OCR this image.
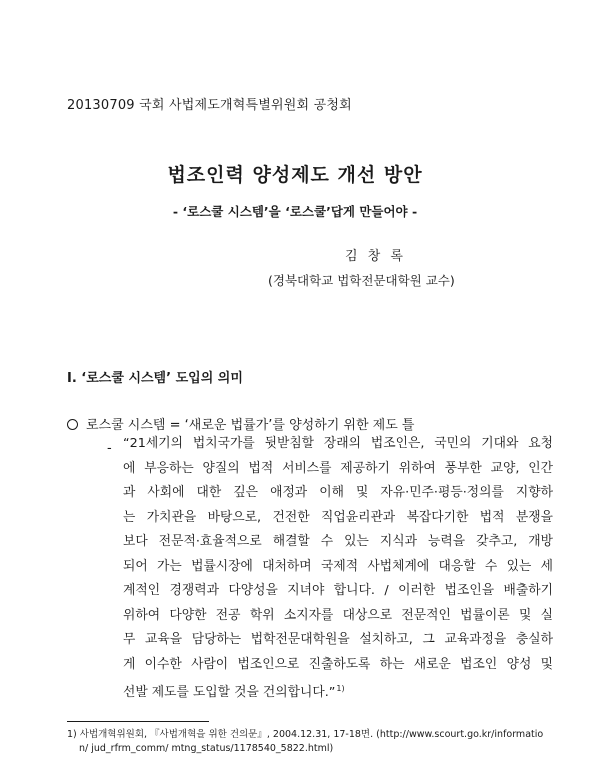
20130709 국회 사법제도개혁특별위원회 공청회
법조인력 양성제도 개선 방안
- ‘로스쿨 시스템’을 ‘로스쿨’답게 만들어야 -
김 창 록
(경북대학교 법학전문대학원 교수)
I. ‘로스쿨 시스템’ 도입의 의미
로스쿨 시스템 = ‘새로운 법률가’를 양성하기 위한 제도 틀
- “21세기의 법치국가를 뒷받침할 장래의 법조인은, 국민의 기대와 요청
에 부응하는 양질의 법적 서비스를 제공하기 위하여 풍부한 교양, 인간
과 사회에 대한 깊은 애정과 이해 및 자유·민주·평등·정의를 지향하
는 가치관을 바탕으로, 건전한 직업윤리관과 복잡다기한 법적 분쟁을
보다 전문적·효율적으로 해결할 수 있는 지식과 능력을 갖추고, 개방
되어 가는 법률시장에 대처하며 국제적 사법체계에 대응할 수 있는 세
계적인 경쟁력과 다양성을 지녀야 합니다. / 이러한 법조인을 배출하기
위하여 다양한 전공 학위 소지자를 대상으로 전문적인 법률이론 및 실
무 교육을 담당하는 법학전문대학원을 설치하고, 그 교육과정을 충실하
게 이수한 사람이 법조인으로 진출하도록 하는 새로운 법조인 양성 및
선발 제도를 도입할 것을 건의합니다.”$^{1)}$
1) 사법개혁위원회, 『사법개혁을 위한 건의문』, 2004.12.31, 17-18면. (http://www.scourt.go.kr/informatio
n/ jud_rfrm_comm/ mtng_status/1178540_5822.html)
